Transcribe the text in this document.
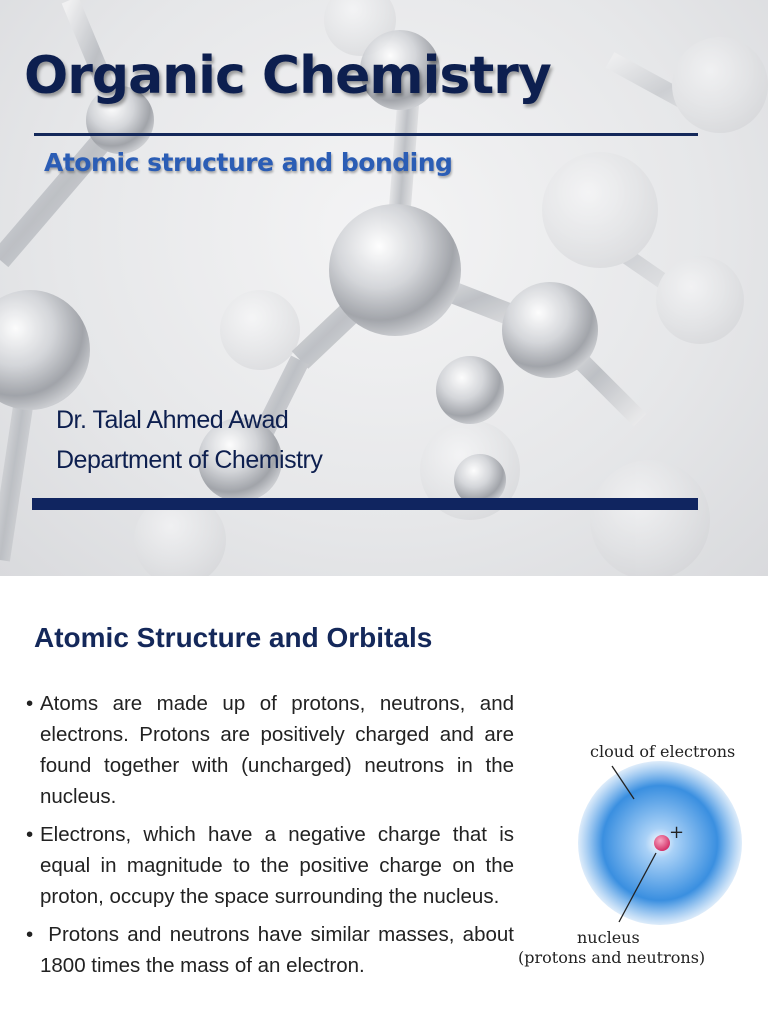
Organic Chemistry
Atomic structure and bonding
Dr. Talal Ahmed Awad
Department of Chemistry
Atomic Structure and Orbitals
• Atoms are made up of protons, neutrons, and electrons. Protons are positively charged and are found together with (uncharged) neutrons in the nucleus.
• Electrons, which have a negative charge that is equal in magnitude to the positive charge on the proton, occupy the space surrounding the nucleus.
• Protons and neutrons have similar masses, about 1800 times the mass of an electron.
cloud of electrons
+
nucleus
(protons and neutrons)
